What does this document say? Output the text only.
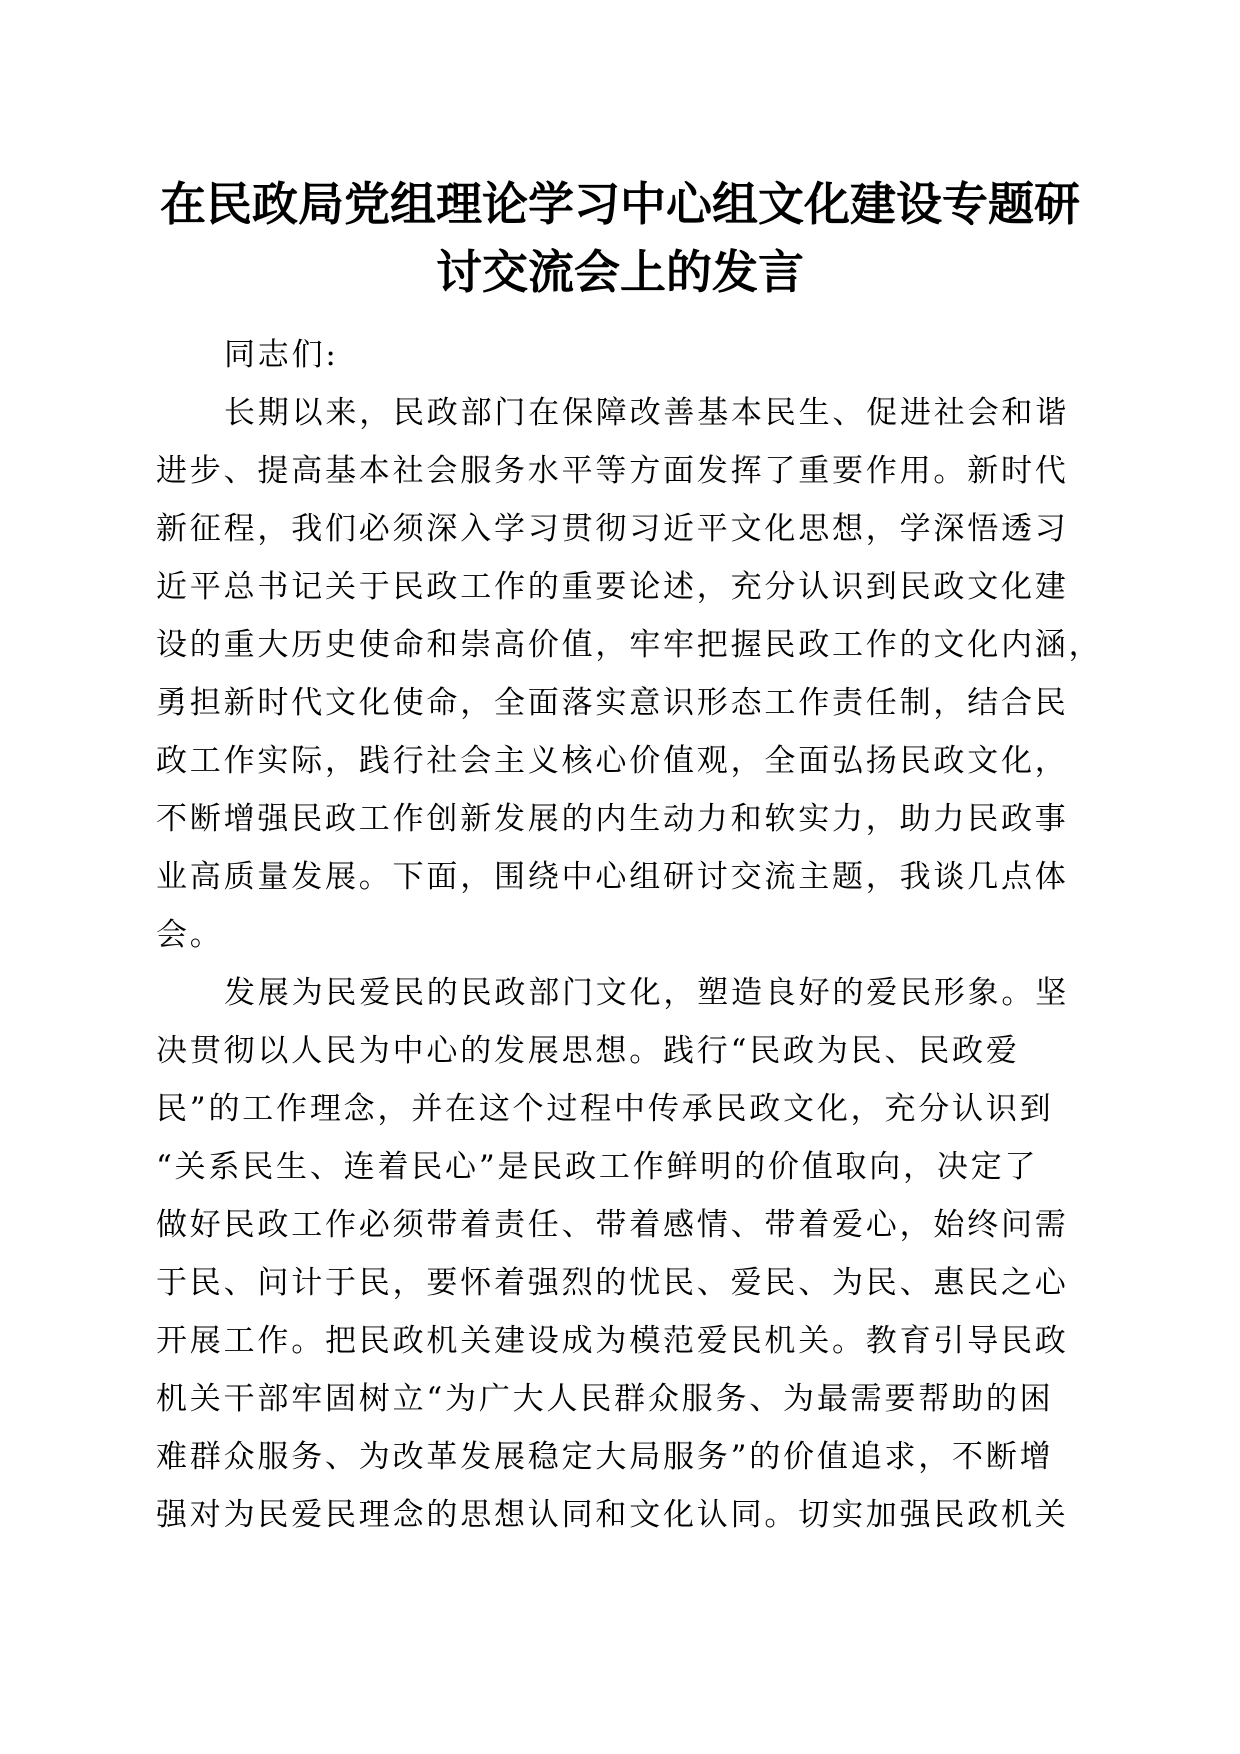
在民政局党组理论学习中心组文化建设专题研
讨交流会上的发言

同志们:

长期以来，民政部门在保障改善基本民生、促进社会和谐
进步、提高基本社会服务水平等方面发挥了重要作用。新时代
新征程，我们必须深入学习贯彻习近平文化思想，学深悟透习
近平总书记关于民政工作的重要论述，充分认识到民政文化建
设的重大历史使命和崇高价值，牢牢把握民政工作的文化内涵，
勇担新时代文化使命，全面落实意识形态工作责任制，结合民
政工作实际，践行社会主义核心价值观，全面弘扬民政文化，
不断增强民政工作创新发展的内生动力和软实力，助力民政事
业高质量发展。下面，围绕中心组研讨交流主题，我谈几点体
会。

发展为民爱民的民政部门文化，塑造良好的爱民形象。坚
决贯彻以人民为中心的发展思想。践行“民政为民、民政爱
民”的工作理念，并在这个过程中传承民政文化，充分认识到
“关系民生、连着民心”是民政工作鲜明的价值取向，决定了
做好民政工作必须带着责任、带着感情、带着爱心，始终问需
于民、问计于民，要怀着强烈的忧民、爱民、为民、惠民之心
开展工作。把民政机关建设成为模范爱民机关。教育引导民政
机关干部牢固树立“为广大人民群众服务、为最需要帮助的困
难群众服务、为改革发展稳定大局服务”的价值追求，不断增
强对为民爱民理念的思想认同和文化认同。切实加强民政机关
